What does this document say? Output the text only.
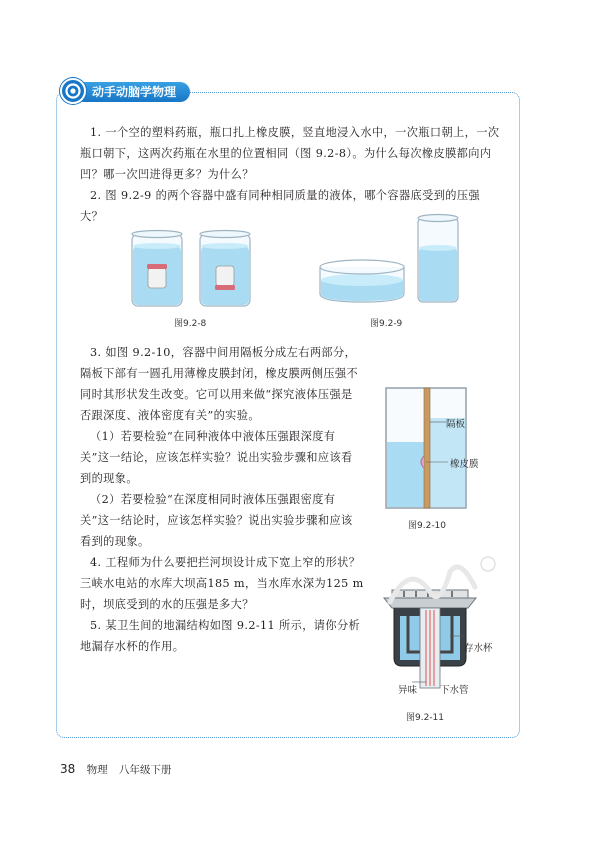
动手动脑学物理

1. 一个空的塑料药瓶，瓶口扎上橡皮膜，竖直地浸入水中，一次瓶口朝上，一次瓶口朝下，这两次药瓶在水里的位置相同（图 9.2-8）。为什么每次橡皮膜都向内凹？哪一次凹进得更多？为什么？

2. 图 9.2-9 的两个容器中盛有同种相同质量的液体，哪个容器底受到的压强大？

图9.2-8	图9.2-9

3. 如图 9.2-10，容器中间用隔板分成左右两部分，隔板下部有一圆孔用薄橡皮膜封闭，橡皮膜两侧压强不同时其形状发生改变。它可以用来做“探究液体压强是否跟深度、液体密度有关”的实验。

（1）若要检验“在同种液体中液体压强跟深度有关”这一结论，应该怎样实验？说出实验步骤和应该看到的现象。

（2）若要检验“在深度相同时液体压强跟密度有关”这一结论时，应该怎样实验？说出实验步骤和应该看到的现象。

隔板
橡皮膜
图9.2-10

4. 工程师为什么要把拦河坝设计成下宽上窄的形状？三峡水电站的水库大坝高185 m，当水库水深为125 m时，坝底受到的水的压强是多大？

5. 某卫生间的地漏结构如图 9.2-11 所示，请你分析地漏存水杯的作用。	存水杯
异味 下水管
图9.2-11
38 物理 八年级下册
